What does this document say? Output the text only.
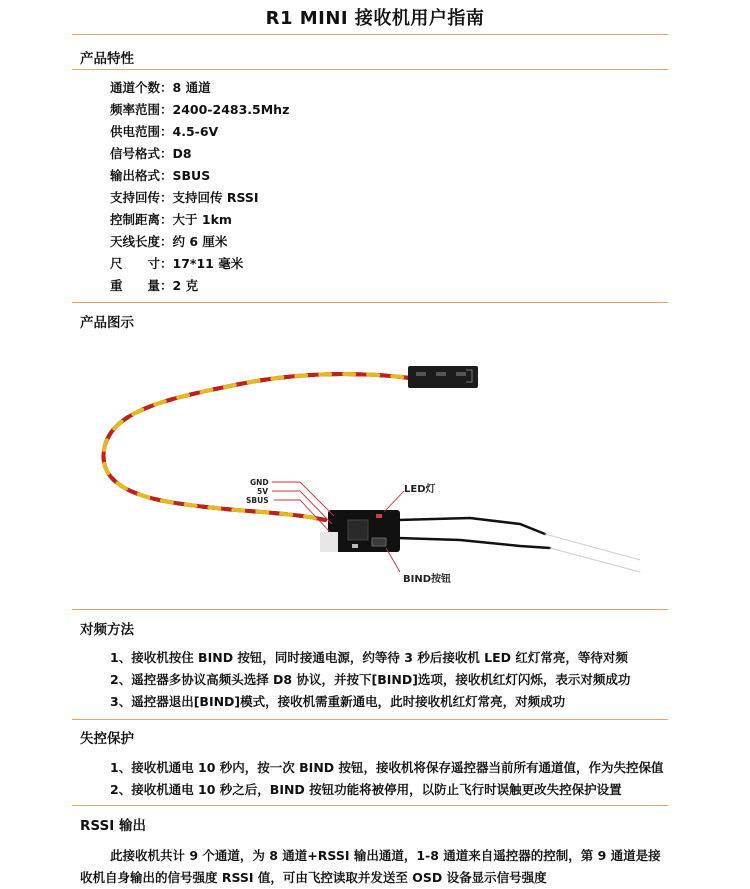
R1 MINI 接收机用户指南
产品特性
通道个数：8 通道
频率范围：2400-2483.5Mhz
供电范围：4.5-6V
信号格式：D8
输出格式：SBUS
支持回传：支持回传 RSSI
控制距离：大于 1km
天线长度：约 6 厘米
尺　　寸：17*11 毫米
重　　量：2 克
产品图示
GND
5V
SBUS
LED灯
BIND按钮
对频方法
1、接收机按住 BIND 按钮，同时接通电源，约等待 3 秒后接收机 LED 红灯常亮，等待对频
2、遥控器多协议高频头选择 D8 协议，并按下[BIND]选项，接收机红灯闪烁，表示对频成功
3、遥控器退出[BIND]模式，接收机需重新通电，此时接收机红灯常亮，对频成功
失控保护
1、接收机通电 10 秒内，按一次 BIND 按钮，接收机将保存遥控器当前所有通道值，作为失控保值
2、接收机通电 10 秒之后，BIND 按钮功能将被停用，以防止飞行时误触更改失控保护设置
RSSI 输出
此接收机共计 9 个通道，为 8 通道+RSSI 输出通道，1-8 通道来自遥控器的控制，第 9 通道是接收机自身输出的信号强度 RSSI 值，可由飞控读取并发送至 OSD 设备显示信号强度
